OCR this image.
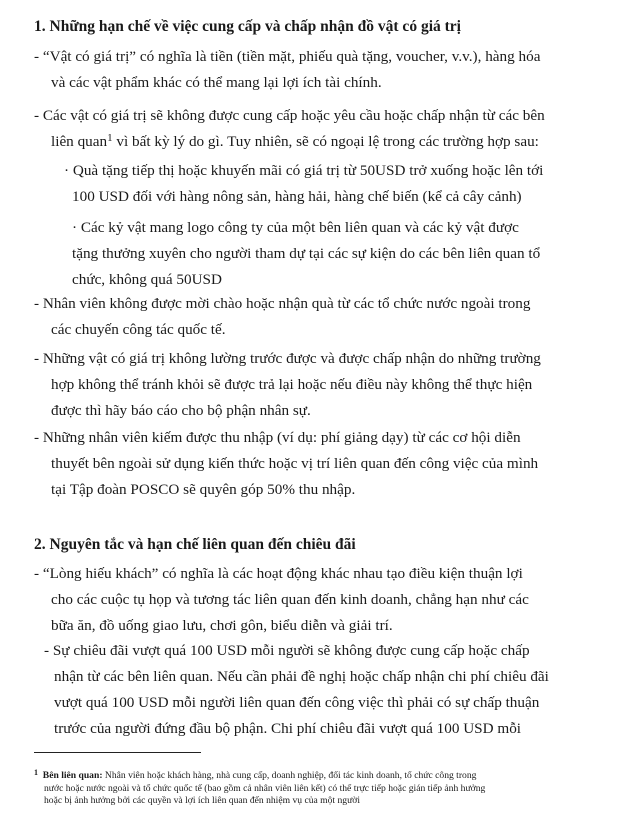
1. Những hạn chế về việc cung cấp và chấp nhận đồ vật có giá trị
- “Vật có giá trị” có nghĩa là tiền (tiền mặt, phiếu quà tặng, voucher, v.v.), hàng hóa
và các vật phẩm khác có thể mang lại lợi ích tài chính.
- Các vật có giá trị sẽ không được cung cấp hoặc yêu cầu hoặc chấp nhận từ các bên
liên quan$^1$ vì bất kỳ lý do gì. Tuy nhiên, sẽ có ngoại lệ trong các trường hợp sau:
· Quà tặng tiếp thị hoặc khuyến mãi có giá trị từ 50USD trở xuống hoặc lên tới
100 USD đối với hàng nông sản, hàng hải, hàng chế biến (kể cả cây cảnh)
· Các kỷ vật mang logo công ty của một bên liên quan và các kỷ vật được
tặng thưởng xuyên cho người tham dự tại các sự kiện do các bên liên quan tổ
chức, không quá 50USD
- Nhân viên không được mời chào hoặc nhận quà từ các tổ chức nước ngoài trong
các chuyến công tác quốc tế.
- Những vật có giá trị không lường trước được và được chấp nhận do những trường
hợp không thể tránh khỏi sẽ được trả lại hoặc nếu điều này không thể thực hiện
được thì hãy báo cáo cho bộ phận nhân sự.
- Những nhân viên kiếm được thu nhập (ví dụ: phí giảng dạy) từ các cơ hội diễn
thuyết bên ngoài sử dụng kiến thức hoặc vị trí liên quan đến công việc của mình
tại Tập đoàn POSCO sẽ quyên góp 50% thu nhập.
2. Nguyên tắc và hạn chế liên quan đến chiêu đãi
- “Lòng hiếu khách” có nghĩa là các hoạt động khác nhau tạo điều kiện thuận lợi
cho các cuộc tụ họp và tương tác liên quan đến kinh doanh, chẳng hạn như các
bữa ăn, đồ uống giao lưu, chơi gôn, biểu diễn và giải trí.
- Sự chiêu đãi vượt quá 100 USD mỗi người sẽ không được cung cấp hoặc chấp
nhận từ các bên liên quan. Nếu cần phải đề nghị hoặc chấp nhận chi phí chiêu đãi
vượt quá 100 USD mỗi người liên quan đến công việc thì phải có sự chấp thuận
trước của người đứng đầu bộ phận. Chi phí chiêu đãi vượt quá 100 USD mỗi
$^1$ Bên liên quan: Nhân viên hoặc khách hàng, nhà cung cấp, doanh nghiệp, đối tác kinh doanh, tổ chức công trong
nước hoặc nước ngoài và tổ chức quốc tế (bao gồm cả nhân viên liên kết) có thể trực tiếp hoặc gián tiếp ảnh hưởng
hoặc bị ảnh hưởng bởi các quyền và lợi ích liên quan đến nhiệm vụ của một người
